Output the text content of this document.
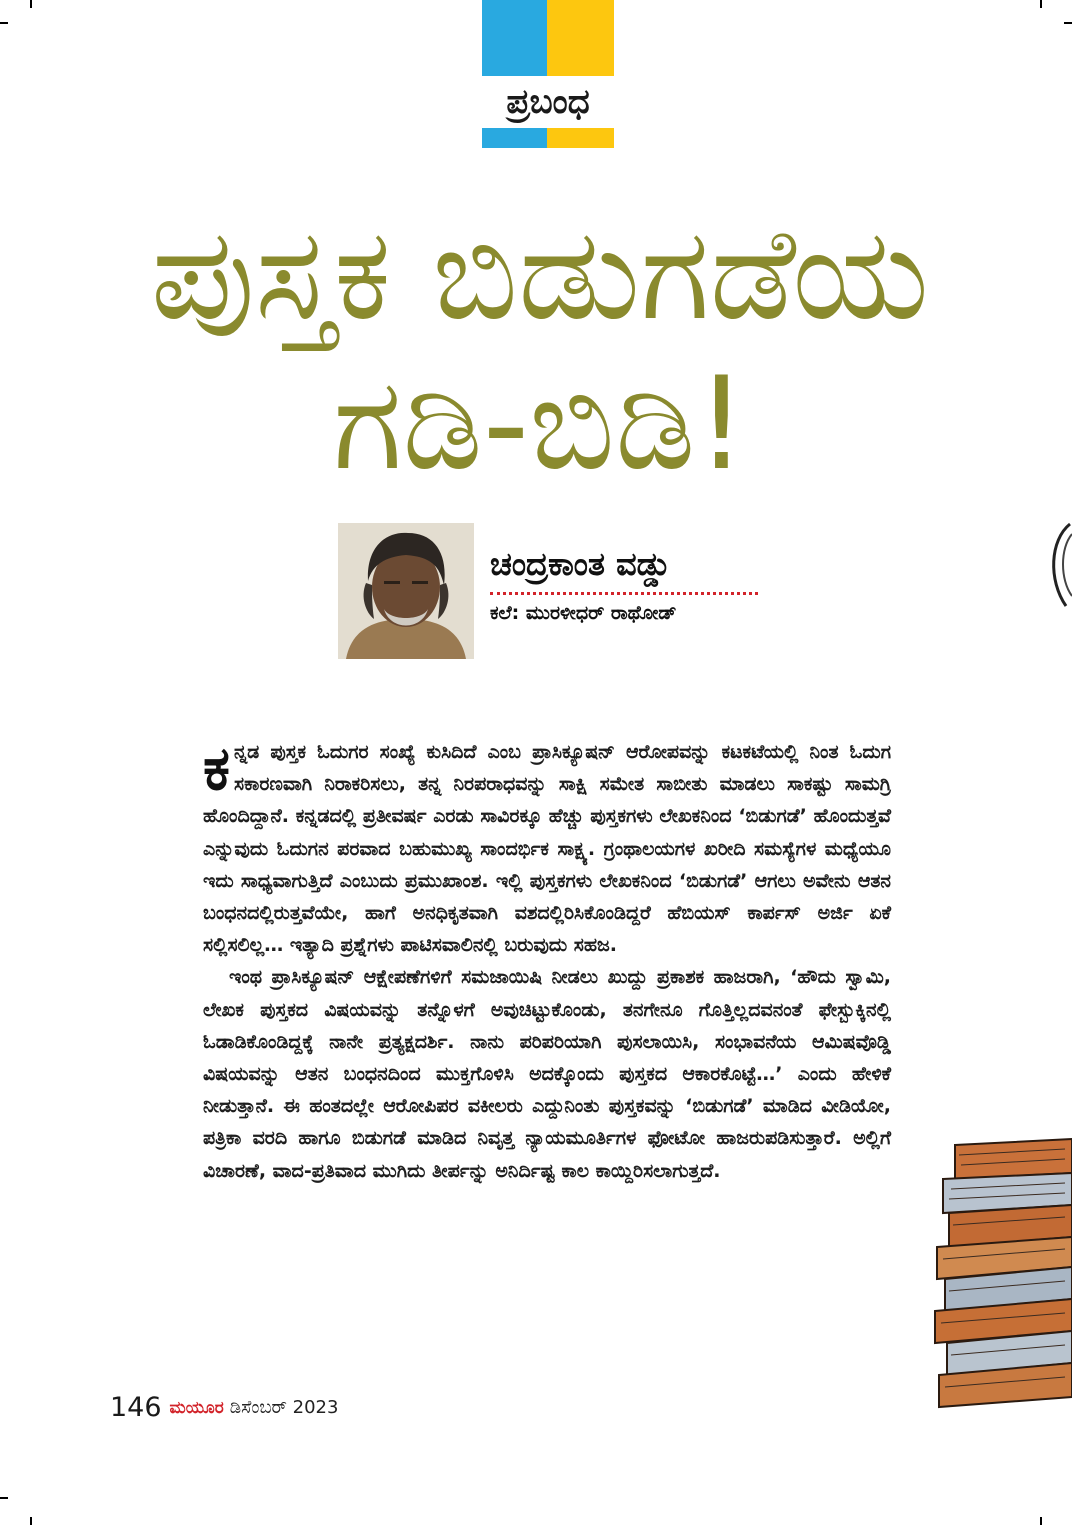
ಪ್ರಬಂಧ
ಪುಸ್ತಕ ಬಿಡುಗಡೆಯ
ಗಡಿ-ಬಿಡಿ!
ಚಂದ್ರಕಾಂತ ವಡ್ಡು
ಕಲೆ: ಮುರಳೀಧರ್ ರಾಥೋಡ್

ಕನ್ನಡ ಪುಸ್ತಕ ಓದುಗರ ಸಂಖ್ಯೆ ಕುಸಿದಿದೆ ಎಂಬ ಪ್ರಾಸಿಕ್ಯೂಷನ್ ಆರೋಪವನ್ನು ಕಟಕಟೆಯಲ್ಲಿ ನಿಂತ ಓದುಗ ಸಕಾರಣವಾಗಿ ನಿರಾಕರಿಸಲು, ತನ್ನ ನಿರಪರಾಧವನ್ನು ಸಾಕ್ಷಿ ಸಮೇತ ಸಾಬೀತು ಮಾಡಲು ಸಾಕಷ್ಟು ಸಾಮಗ್ರಿ ಹೊಂದಿದ್ದಾನೆ. ಕನ್ನಡದಲ್ಲಿ ಪ್ರತೀವರ್ಷ ಎರಡು ಸಾವಿರಕ್ಕೂ ಹೆಚ್ಚು ಪುಸ್ತಕಗಳು ಲೇಖಕನಿಂದ ‘ಬಿಡುಗಡೆ’ ಹೊಂದುತ್ತವೆ ಎನ್ನುವುದು ಓದುಗನ ಪರವಾದ ಬಹುಮುಖ್ಯ ಸಾಂದರ್ಭಿಕ ಸಾಕ್ಷ್ಯ. ಗ್ರಂಥಾಲಯಗಳ ಖರೀದಿ ಸಮಸ್ಯೆಗಳ ಮಧ್ಯೆಯೂ ಇದು ಸಾಧ್ಯವಾಗುತ್ತಿದೆ ಎಂಬುದು ಪ್ರಮುಖಾಂಶ. ಇಲ್ಲಿ ಪುಸ್ತಕಗಳು ಲೇಖಕನಿಂದ ‘ಬಿಡುಗಡೆ’ ಆಗಲು ಅವೇನು ಆತನ ಬಂಧನದಲ್ಲಿರುತ್ತವೆಯೇ, ಹಾಗೆ ಅನಧಿಕೃತವಾಗಿ ವಶದಲ್ಲಿರಿಸಿಕೊಂಡಿದ್ದರೆ ಹೆಬಿಯಸ್ ಕಾರ್ಪಸ್ ಅರ್ಜಿ ಏಕೆ ಸಲ್ಲಿಸಲಿಲ್ಲ… ಇತ್ಯಾದಿ ಪ್ರಶ್ನೆಗಳು ಪಾಟಿಸವಾಲಿನಲ್ಲಿ ಬರುವುದು ಸಹಜ.

ಇಂಥ ಪ್ರಾಸಿಕ್ಯೂಷನ್ ಆಕ್ಷೇಪಣೆಗಳಿಗೆ ಸಮಜಾಯಿಷಿ ನೀಡಲು ಖುದ್ದು ಪ್ರಕಾಶಕ ಹಾಜರಾಗಿ, ‘ಹೌದು ಸ್ವಾಮಿ, ಲೇಖಕ ಪುಸ್ತಕದ ವಿಷಯವನ್ನು ತನ್ನೊಳಗೆ ಅವುಚಿಟ್ಟುಕೊಂಡು, ತನಗೇನೂ ಗೊತ್ತಿಲ್ಲದವನಂತೆ ಫೇಸ್ಬುಕ್ಕಿನಲ್ಲಿ ಓಡಾಡಿಕೊಂಡಿದ್ದಕ್ಕೆ ನಾನೇ ಪ್ರತ್ಯಕ್ಷದರ್ಶಿ. ನಾನು ಪರಿಪರಿಯಾಗಿ ಪುಸಲಾಯಿಸಿ, ಸಂಭಾವನೆಯ ಆಮಿಷವೊಡ್ಡಿ ವಿಷಯವನ್ನು ಆತನ ಬಂಧನದಿಂದ ಮುಕ್ತಗೊಳಿಸಿ ಅದಕ್ಕೊಂದು ಪುಸ್ತಕದ ಆಕಾರಕೊಟ್ಟೆ…’ ಎಂದು ಹೇಳಿಕೆ ನೀಡುತ್ತಾನೆ. ಈ ಹಂತದಲ್ಲೇ ಆರೋಪಿಪರ ವಕೀಲರು ಎದ್ದುನಿಂತು ಪುಸ್ತಕವನ್ನು ‘ಬಿಡುಗಡೆ’ ಮಾಡಿದ ವೀಡಿಯೋ, ಪತ್ರಿಕಾ ವರದಿ ಹಾಗೂ ಬಿಡುಗಡೆ ಮಾಡಿದ ನಿವೃತ್ತ ನ್ಯಾಯಮೂರ್ತಿಗಳ ಫೋಟೋ ಹಾಜರುಪಡಿಸುತ್ತಾರೆ. ಅಲ್ಲಿಗೆ ವಿಚಾರಣೆ, ವಾದ-ಪ್ರತಿವಾದ ಮುಗಿದು ತೀರ್ಪನ್ನು ಅನಿರ್ದಿಷ್ಟ ಕಾಲ ಕಾಯ್ದಿರಿಸಲಾಗುತ್ತದೆ.

146 ಮಯೂರ ಡಿಸೆಂಬರ್ 2023
